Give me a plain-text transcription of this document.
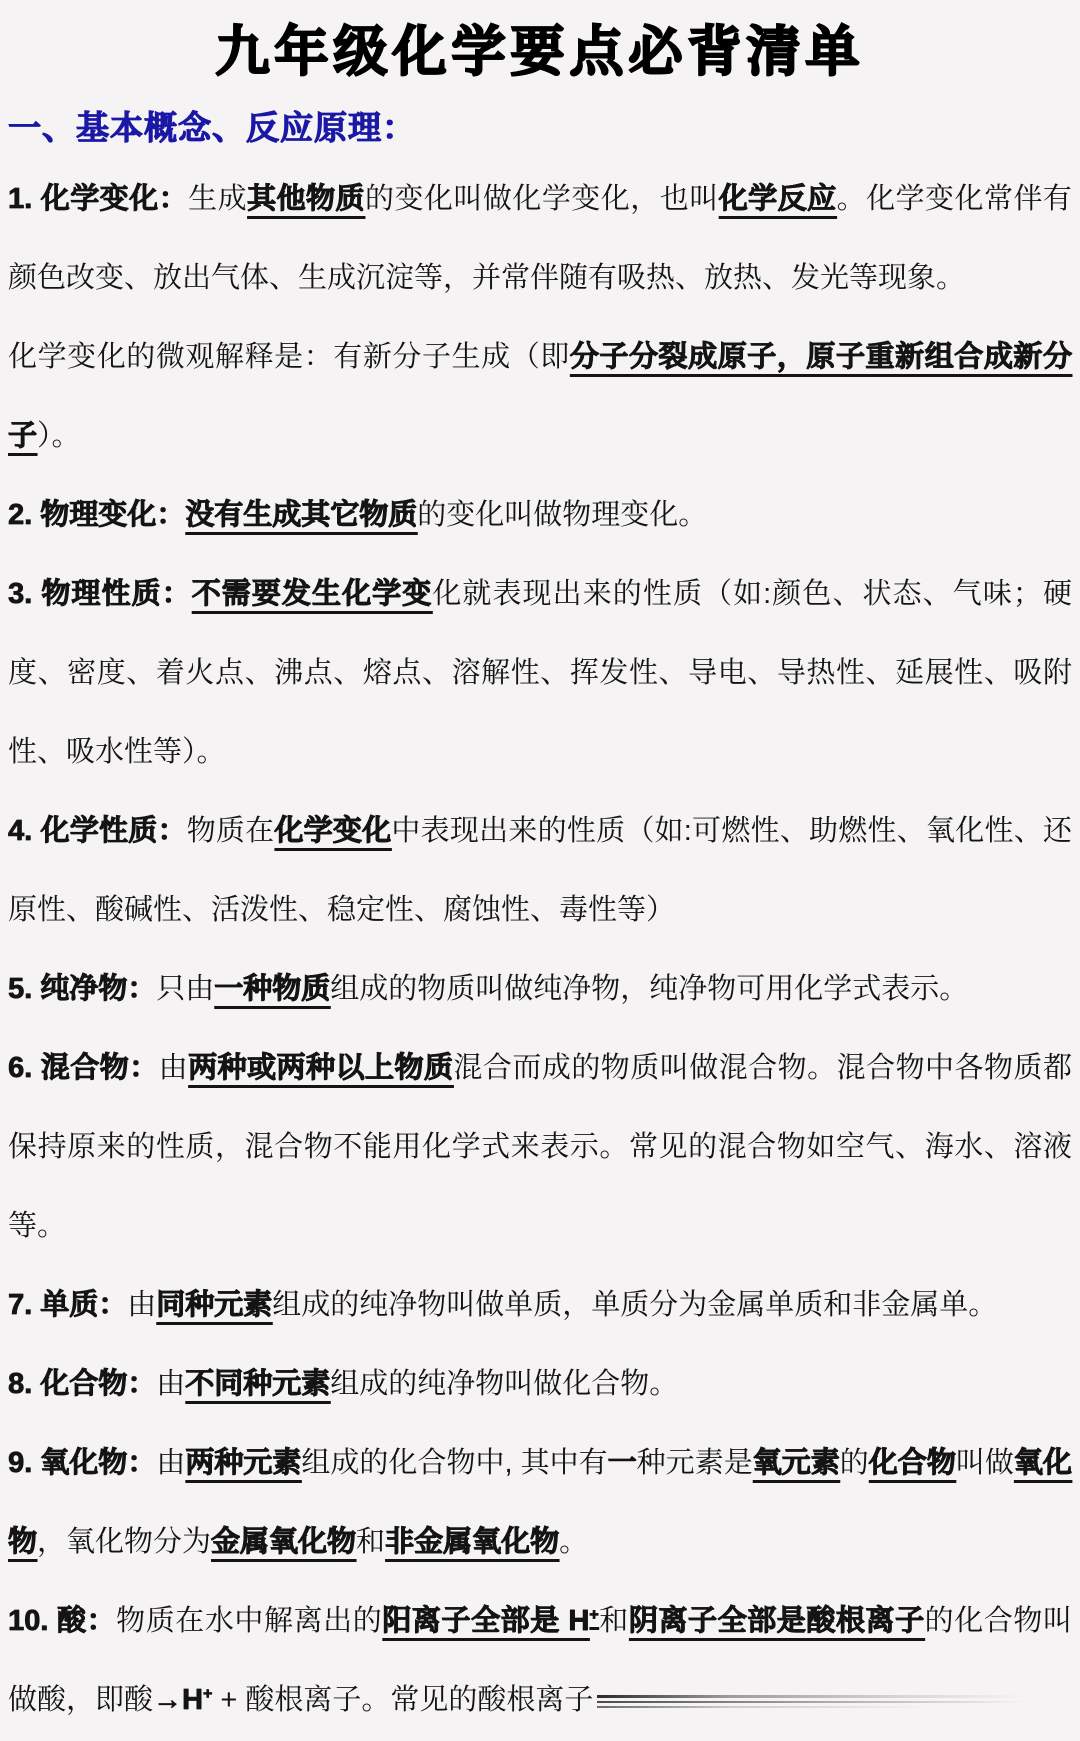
九年级化学要点必背清单
一、基本概念、反应原理：

1. 化学变化：生成其他物质的变化叫做化学变化，也叫化学反应。化学变化常伴有颜色改变、放出气体、生成沉淀等，并常伴随有吸热、放热、发光等现象。

化学变化的微观解释是：有新分子生成（即分子分裂成原子，原子重新组合成新分子）。

2. 物理变化：没有生成其它物质的变化叫做物理变化。

3. 物理性质：不需要发生化学变化就表现出来的性质（如:颜色、状态、气味；硬度、密度、着火点、沸点、熔点、溶解性、挥发性、导电、导热性、延展性、吸附性、吸水性等）。

4. 化学性质：物质在化学变化中表现出来的性质（如:可燃性、助燃性、氧化性、还原性、酸碱性、活泼性、稳定性、腐蚀性、毒性等）

5. 纯净物：只由一种物质组成的物质叫做纯净物，纯净物可用化学式表示。

6. 混合物：由两种或两种以上物质混合而成的物质叫做混合物。混合物中各物质都保持原来的性质，混合物不能用化学式来表示。常见的混合物如空气、海水、溶液等。

7. 单质：由同种元素组成的纯净物叫做单质，单质分为金属单质和非金属单。

8. 化合物：由不同种元素组成的纯净物叫做化合物。

9. 氧化物：由两种元素组成的化合物中, 其中有一种元素是氧元素的化合物叫做氧化物，氧化物分为金属氧化物和非金属氧化物。

10. 酸：物质在水中解离出的阳离子全部是 H+和阴离子全部是酸根离子的化合物叫做酸，即酸→H+ + 酸根离子。常见的酸根离子
